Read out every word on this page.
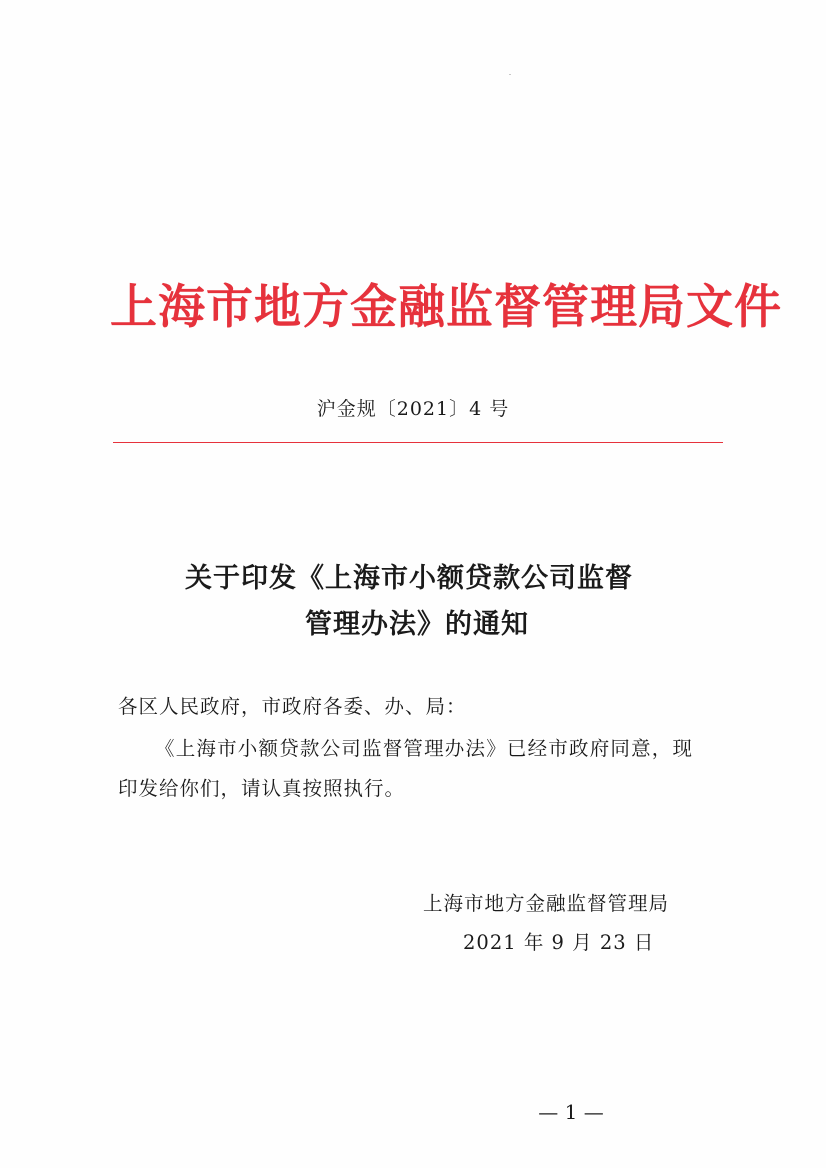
上海市地方金融监督管理局文件
沪金规〔2021〕4 号
关于印发《上海市小额贷款公司监督
管理办法》的通知
各区人民政府，市政府各委、办、局：
《上海市小额贷款公司监督管理办法》已经市政府同意，现
印发给你们，请认真按照执行。
上海市地方金融监督管理局
2021 年 9 月 23 日
— 1 —
